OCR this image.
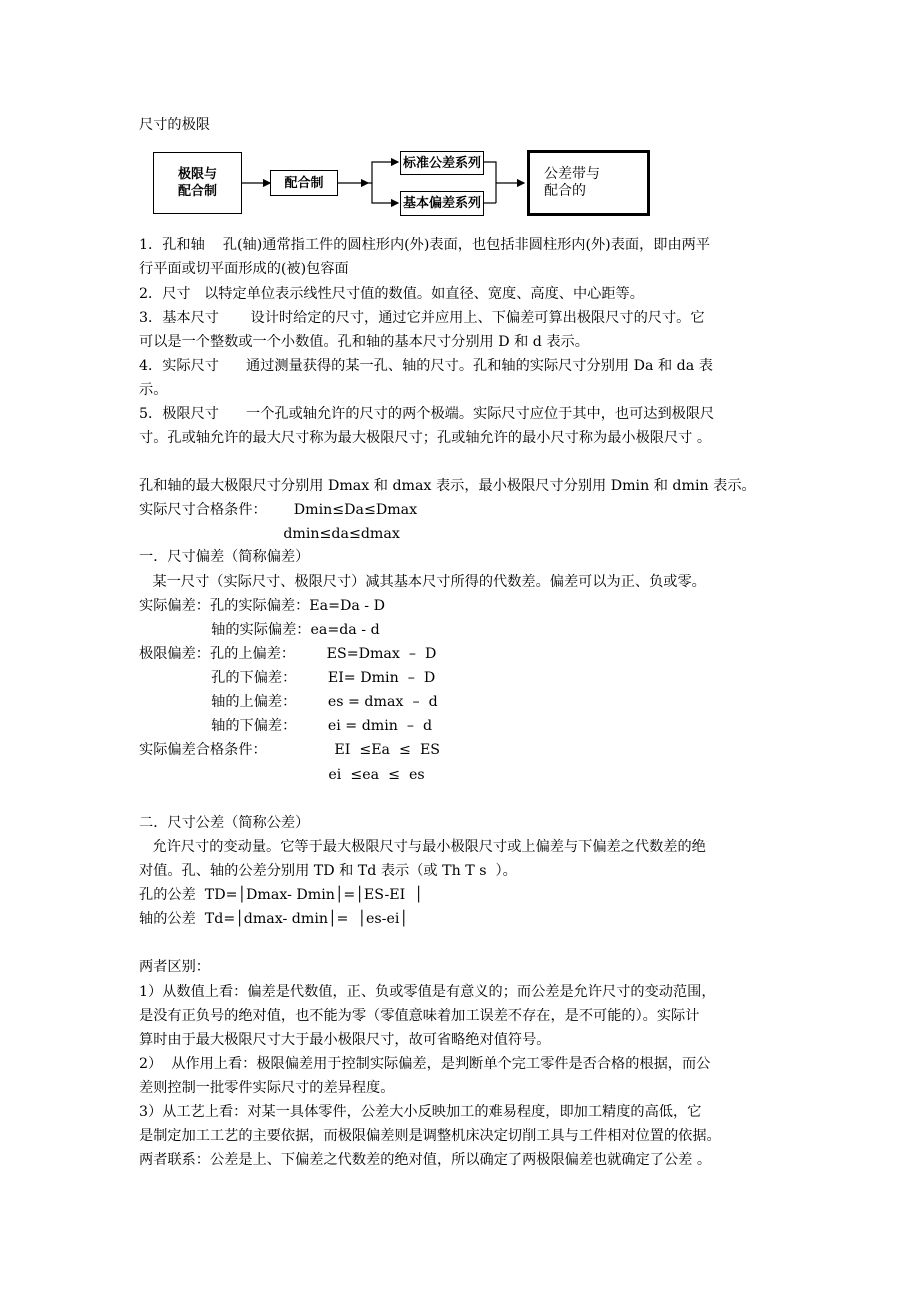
尺寸的极限
极限与
配合制
配合制
标准公差系列
基本偏差系列
公差带与
配合的
1．孔和轴    孔(轴)通常指工件的圆柱形内(外)表面，也包括非圆柱形内(外)表面，即由两平
行平面或切平面形成的(被)包容面
2．尺寸   以特定单位表示线性尺寸值的数值。如直径、宽度、高度、中心距等。
3．基本尺寸       设计时给定的尺寸，通过它并应用上、下偏差可算出极限尺寸的尺寸。它
可以是一个整数或一个小数值。孔和轴的基本尺寸分别用 D 和 d 表示。
4．实际尺寸      通过测量获得的某一孔、轴的尺寸。孔和轴的实际尺寸分别用 Da 和 da 表
示。
5．极限尺寸      一个孔或轴允许的尺寸的两个极端。实际尺寸应位于其中，也可达到极限尺
寸。孔或轴允许的最大尺寸称为最大极限尺寸；孔或轴允许的最小尺寸称为最小极限尺寸 。
孔和轴的最大极限尺寸分别用 Dmax 和 dmax 表示，最小极限尺寸分别用 Dmin 和 dmin 表示。
实际尺寸合格条件：      Dmin≤Da≤Dmax
dmin≤da≤dmax
一．尺寸偏差（简称偏差）
某一尺寸（实际尺寸、极限尺寸）减其基本尺寸所得的代数差。偏差可以为正、负或零。
实际偏差：孔的实际偏差：Ea=Da - D
轴的实际偏差：ea=da - d
极限偏差：孔的上偏差：       ES=Dmax  –  D
孔的下偏差：       EI= Dmin  –  D
轴的上偏差：       es = dmax  –  d
轴的下偏差：       ei = dmin  –  d
实际偏差合格条件：               EI  ≤Ea  ≤  ES
ei  ≤ea  ≤  es
二．尺寸公差（简称公差）
允许尺寸的变动量。它等于最大极限尺寸与最小极限尺寸或上偏差与下偏差之代数差的绝
对值。孔、轴的公差分别用 TD 和 Td 表示（或 Th T s  ）。
孔的公差  TD=│Dmax- Dmin│=│ES-EI  │
轴的公差  Td=│dmax- dmin│=  │es-ei│
两者区别：
1）从数值上看：偏差是代数值，正、负或零值是有意义的；而公差是允许尺寸的变动范围，
是没有正负号的绝对值，也不能为零（零值意味着加工误差不存在，是不可能的）。实际计
算时由于最大极限尺寸大于最小极限尺寸，故可省略绝对值符号。
2）  从作用上看：极限偏差用于控制实际偏差，是判断单个完工零件是否合格的根据，而公
差则控制一批零件实际尺寸的差异程度。
3）从工艺上看：对某一具体零件，公差大小反映加工的难易程度，即加工精度的高低，它
是制定加工工艺的主要依据，而极限偏差则是调整机床决定切削工具与工件相对位置的依据。
两者联系：公差是上、下偏差之代数差的绝对值，所以确定了两极限偏差也就确定了公差 。
